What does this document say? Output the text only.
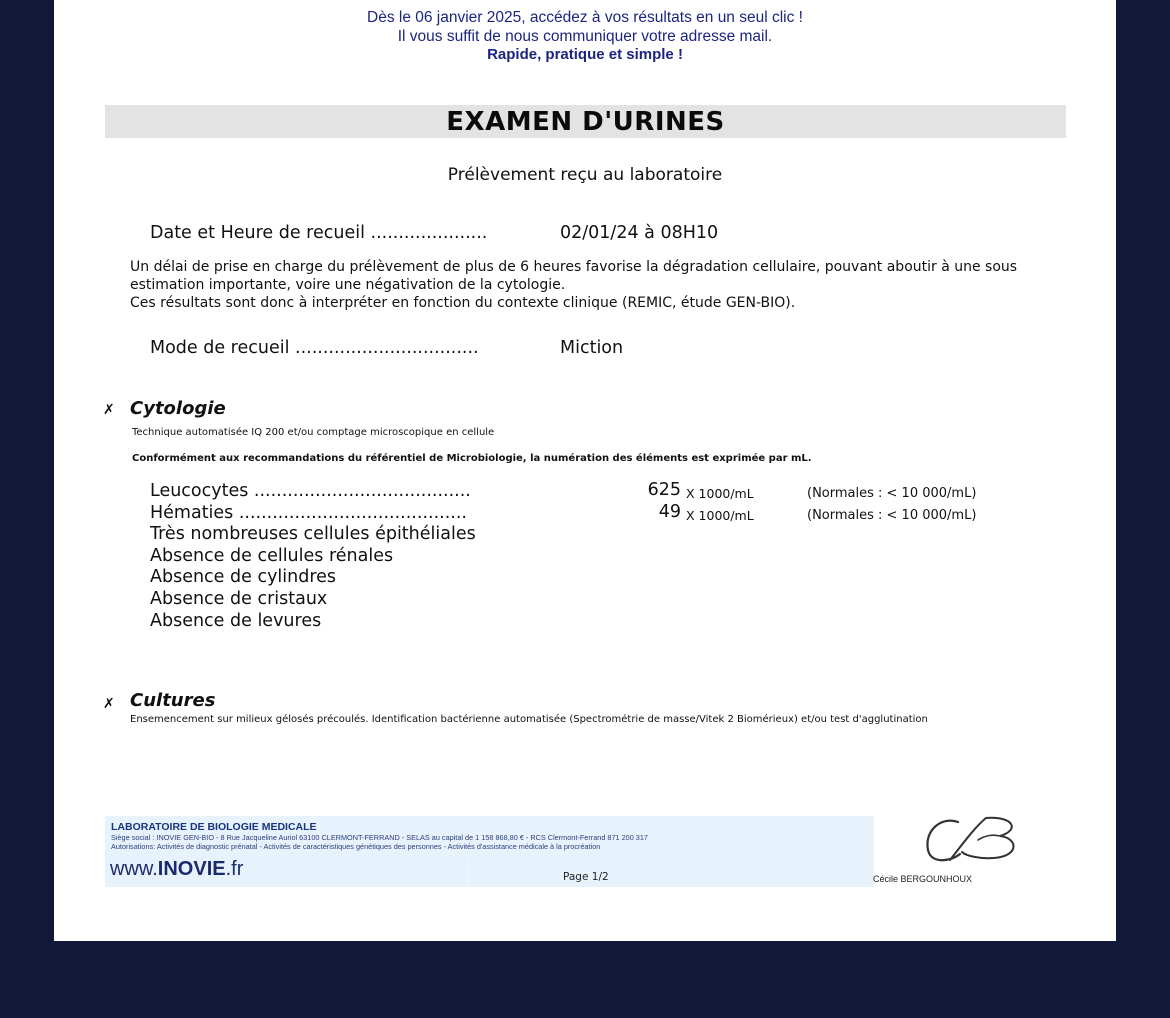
Dès le 06 janvier 2025, accédez à vos résultats en un seul clic !
Il vous suffit de nous communiquer votre adresse mail.
Rapide, pratique et simple !
EXAMEN D'URINES
Prélèvement reçu au laboratoire
Date et Heure de recueil .....................	02/01/24 à 08H10
Un délai de prise en charge du prélèvement de plus de 6 heures favorise la dégradation cellulaire, pouvant aboutir à une sous estimation importante, voire une négativation de la cytologie.
Ces résultats sont donc à interpréter en fonction du contexte clinique (REMIC, étude GEN-BIO).
Mode de recueil .................................	Miction
✗ Cytologie
Technique automatisée IQ 200 et/ou comptage microscopique en cellule
Conformément aux recommandations du référentiel de Microbiologie, la numération des éléments est exprimée par mL.
Leucocytes .......................................	625 X 1000/mL	(Normales : < 10 000/mL)
Hématies .........................................	49 X 1000/mL	(Normales : < 10 000/mL)
Très nombreuses cellules épithéliales
Absence de cellules rénales
Absence de cylindres
Absence de cristaux
Absence de levures
✗ Cultures
Ensemencement sur milieux gélosés précoulés. Identification bactérienne automatisée (Spectrométrie de masse/Vitek 2 Biomérieux) et/ou test d'agglutination
LABORATOIRE DE BIOLOGIE MEDICALE
Siège social : INOVIE GEN-BIO - 8 Rue Jacqueline Auriol 63100 CLERMONT-FERRAND - SELAS au capital de 1 158 868,80 € - RCS Clermont-Ferrand 871 200 317
Autorisations: Activités de diagnostic prénatal - Activités de caractéristiques génétiques des personnes - Activités d'assistance médicale à la procréation
www.INOVIE.fr	Page 1/2	Cécile BERGOUNHOUX
